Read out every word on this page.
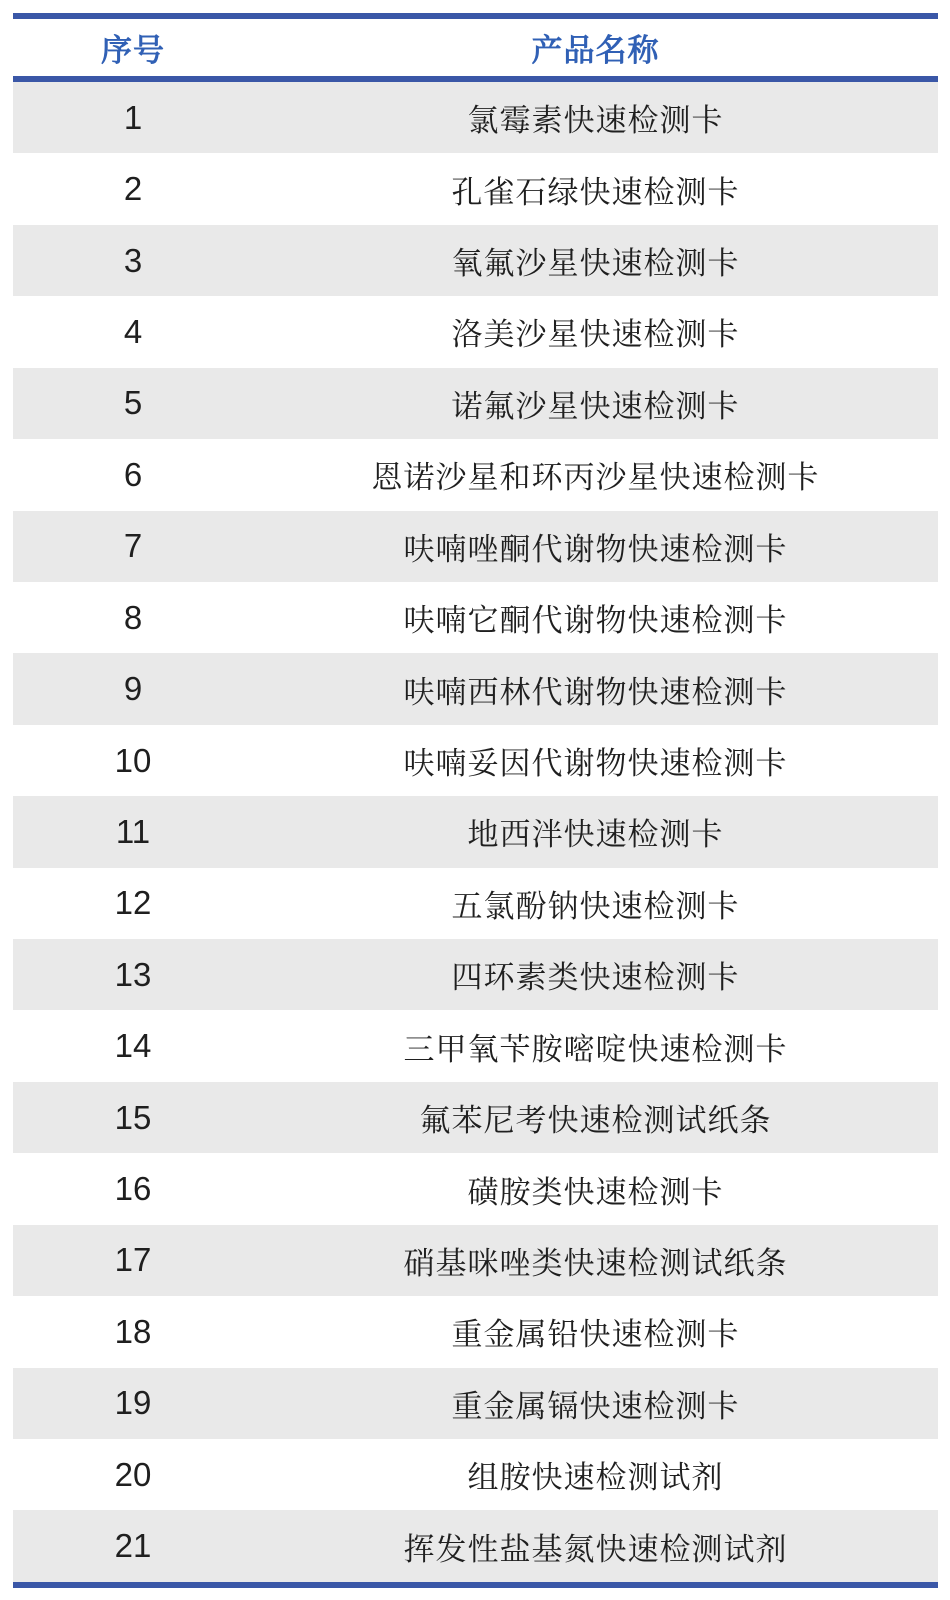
序号	产品名称
1	氯霉素快速检测卡
2	孔雀石绿快速检测卡
3	氧氟沙星快速检测卡
4	洛美沙星快速检测卡
5	诺氟沙星快速检测卡
6	恩诺沙星和环丙沙星快速检测卡
7	呋喃唑酮代谢物快速检测卡
8	呋喃它酮代谢物快速检测卡
9	呋喃西林代谢物快速检测卡
10	呋喃妥因代谢物快速检测卡
11	地西泮快速检测卡
12	五氯酚钠快速检测卡
13	四环素类快速检测卡
14	三甲氧苄胺嘧啶快速检测卡
15	氟苯尼考快速检测试纸条
16	磺胺类快速检测卡
17	硝基咪唑类快速检测试纸条
18	重金属铅快速检测卡
19	重金属镉快速检测卡
20	组胺快速检测试剂
21	挥发性盐基氮快速检测试剂
